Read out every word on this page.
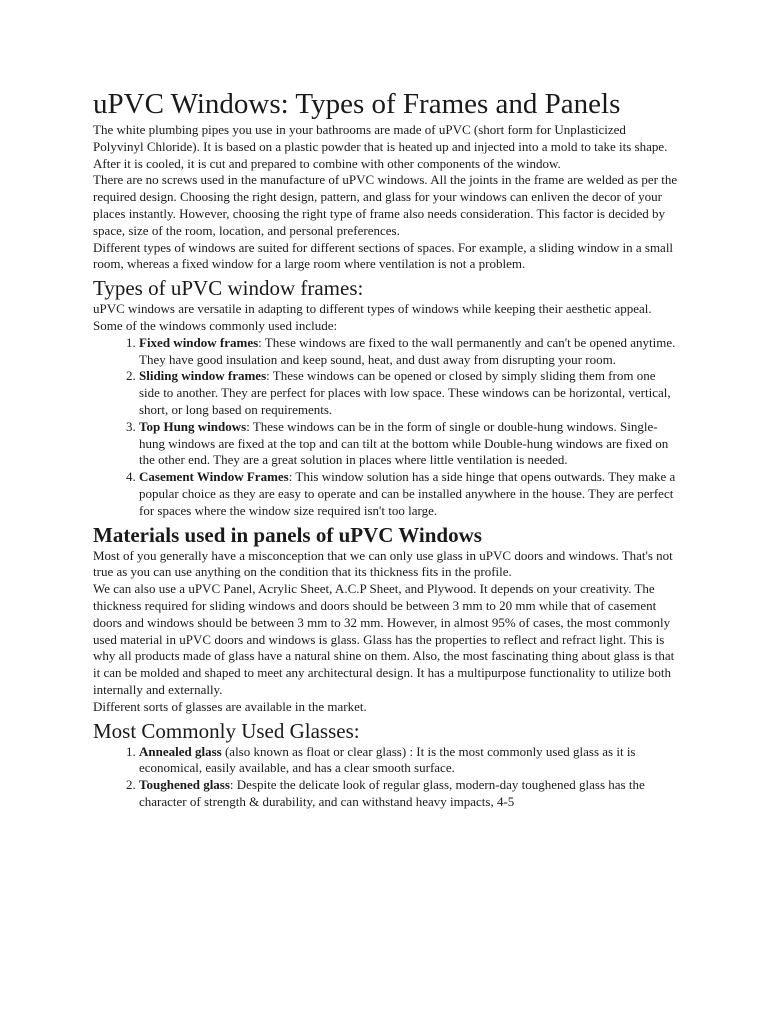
uPVC Windows: Types of Frames and Panels

The white plumbing pipes you use in your bathrooms are made of uPVC (short form for Unplasticized Polyvinyl Chloride). It is based on a plastic powder that is heated up and injected into a mold to take its shape. After it is cooled, it is cut and prepared to combine with other components of the window.

There are no screws used in the manufacture of uPVC windows. All the joints in the frame are welded as per the required design. Choosing the right design, pattern, and glass for your windows can enliven the decor of your places instantly. However, choosing the right type of frame also needs consideration. This factor is decided by space, size of the room, location, and personal preferences.

Different types of windows are suited for different sections of spaces. For example, a sliding window in a small room, whereas a fixed window for a large room where ventilation is not a problem.

Types of uPVC window frames:

uPVC windows are versatile in adapting to different types of windows while keeping their aesthetic appeal. Some of the windows commonly used include:

1. Fixed window frames: These windows are fixed to the wall permanently and can't be opened anytime. They have good insulation and keep sound, heat, and dust away from disrupting your room.
2. Sliding window frames: These windows can be opened or closed by simply sliding them from one side to another. They are perfect for places with low space. These windows can be horizontal, vertical, short, or long based on requirements.
3. Top Hung windows: These windows can be in the form of single or double-hung windows. Single-hung windows are fixed at the top and can tilt at the bottom while Double-hung windows are fixed on the other end. They are a great solution in places where little ventilation is needed.
4. Casement Window Frames: This window solution has a side hinge that opens outwards. They make a popular choice as they are easy to operate and can be installed anywhere in the house. They are perfect for spaces where the window size required isn't too large.
Materials used in panels of uPVC Windows

Most of you generally have a misconception that we can only use glass in uPVC doors and windows. That's not true as you can use anything on the condition that its thickness fits in the profile.

We can also use a uPVC Panel, Acrylic Sheet, A.C.P Sheet, and Plywood. It depends on your creativity. The thickness required for sliding windows and doors should be between 3 mm to 20 mm while that of casement doors and windows should be between 3 mm to 32 mm. However, in almost 95% of cases, the most commonly used material in uPVC doors and windows is glass. Glass has the properties to reflect and refract light. This is why all products made of glass have a natural shine on them. Also, the most fascinating thing about glass is that it can be molded and shaped to meet any architectural design. It has a multipurpose functionality to utilize both internally and externally.

Different sorts of glasses are available in the market.

Most Commonly Used Glasses:
1. Annealed glass (also known as float or clear glass) : It is the most commonly used glass as it is economical, easily available, and has a clear smooth surface.
2. Toughened glass: Despite the delicate look of regular glass, modern-day toughened glass has the character of strength & durability, and can withstand heavy impacts, 4-5
